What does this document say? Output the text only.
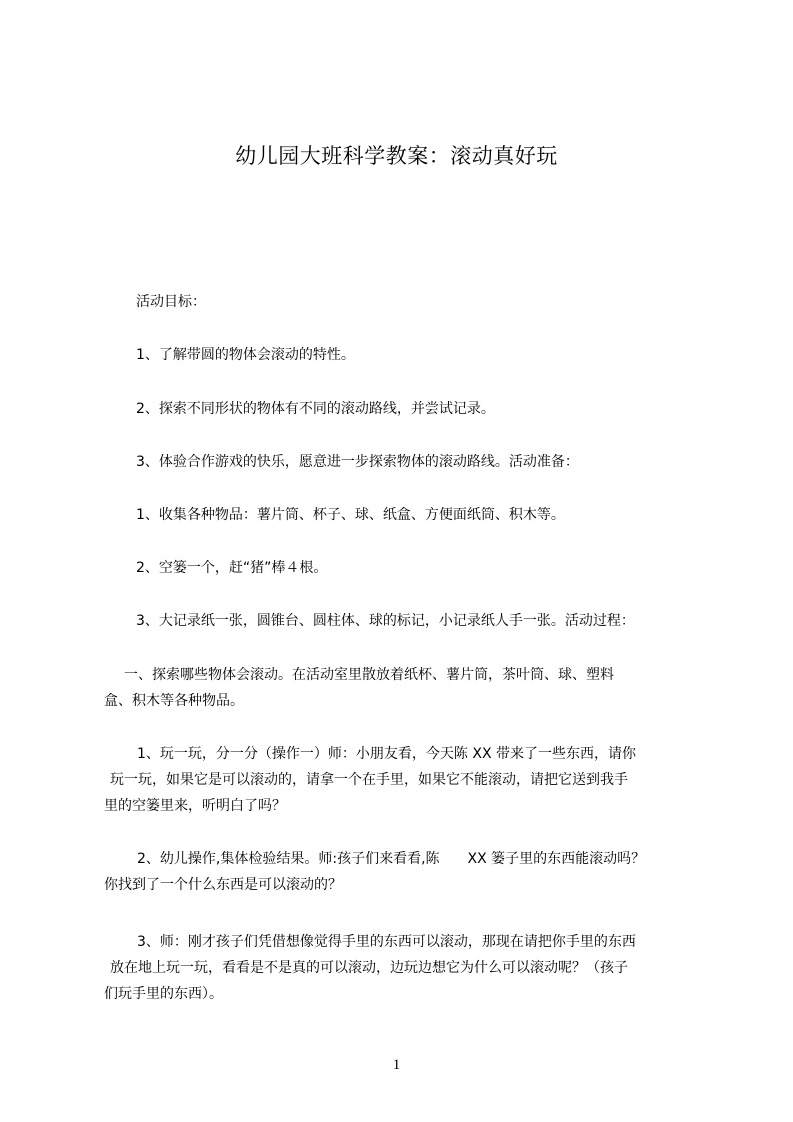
幼儿园大班科学教案：滚动真好玩
活动目标：
1、了解带圆的物体会滚动的特性。
2、探索不同形状的物体有不同的滚动路线，并尝试记录。
3、体验合作游戏的快乐，愿意进一步探索物体的滚动路线。活动准备：
1、收集各种物品：薯片筒、杯子、球、纸盒、方便面纸筒、积木等。
2、空篓一个，赶“猪”棒４根。
3、大记录纸一张，圆锥台、圆柱体、球的标记，小记录纸人手一张。活动过程：
一、探索哪些物体会滚动。在活动室里散放着纸杯、薯片筒，茶叶筒、球、塑料
盒、积木等各种物品。
1、玩一玩，分一分（操作一）师：小朋友看，今天陈 XX 带来了一些东西，请你
玩一玩，如果它是可以滚动的，请拿一个在手里，如果它不能滚动，请把它送到我手
里的空篓里来，听明白了吗？
2、幼儿操作,集体检验结果。师:孩子们来看看,陈　　XX 篓子里的东西能滚动吗？
你找到了一个什么东西是可以滚动的？
3、师：刚才孩子们凭借想像觉得手里的东西可以滚动，那现在请把你手里的东西
放在地上玩一玩，看看是不是真的可以滚动，边玩边想它为什么可以滚动呢？（孩子
们玩手里的东西）。
1
